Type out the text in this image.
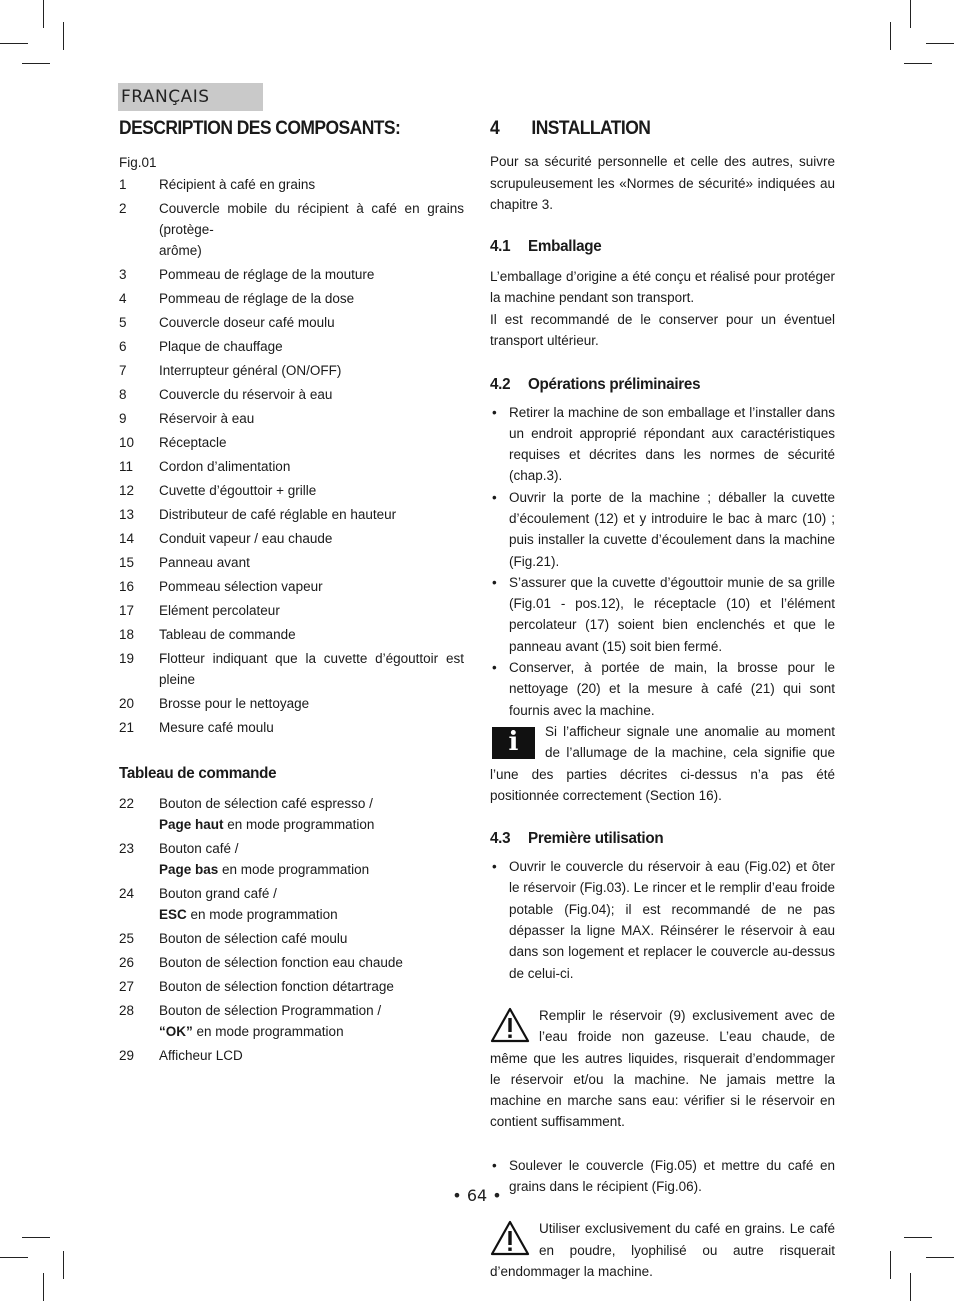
FRANÇAIS
DESCRIPTION DES COMPOSANTS:
Fig.01
1	Récipient à café en grains
2	Couvercle mobile du récipient à café en grains (protège-
arôme)
3	Pommeau de réglage de la mouture
4	Pommeau de réglage de la dose
5	Couvercle doseur café moulu
6	Plaque de chauffage
7	Interrupteur général (ON/OFF)
8	Couvercle du réservoir à eau
9	Réservoir à eau
10	Réceptacle
11	Cordon d’alimentation
12	Cuvette d’égouttoir + grille
13	Distributeur de café réglable en hauteur
14	Conduit vapeur / eau chaude
15	Panneau avant
16	Pommeau sélection vapeur
17	Elément percolateur
18	Tableau de commande
19	Flotteur indiquant que la cuvette d’égouttoir est pleine
20	Brosse pour le nettoyage
21	Mesure café moulu
Tableau de commande
22	Bouton de sélection café espresso /
Page haut en mode programmation
23	Bouton café /
Page bas en mode programmation
24	Bouton grand café /
ESC en mode programmation
25	Bouton de sélection café moulu
26	Bouton de sélection fonction eau chaude
27	Bouton de sélection fonction détartrage
28	Bouton de sélection Programmation /
“OK” en mode programmation
29	Afficheur LCD
4 INSTALLATION

Pour sa sécurité personnelle et celle des autres, suivre scrupuleusement les «Normes de sécurité» indiquées au chapitre 3.

4.1 Emballage

L’emballage d’origine a été conçu et réalisé pour protéger la machine pendant son transport.

Il est recommandé de le conserver pour un éventuel transport ultérieur.

4.2 Opérations préliminaires
• Retirer la machine de son emballage et l’installer dans un endroit approprié répondant aux caractéristiques requises et décrites dans les normes de sécurité (chap.3).
• Ouvrir la porte de la machine ; déballer la cuvette d’écoulement (12) et y introduire le bac à marc (10) ; puis installer la cuvette d’écoulement dans la machine (Fig.21).
• S’assurer que la cuvette d’égouttoir munie de sa grille (Fig.01 - pos.12), le réceptacle (10) et l’élément percolateur (17) soient bien enclenchés et que le panneau avant (15) soit bien fermé.
• Conserver, à portée de main, la brosse pour le nettoyage (20) et la mesure à café (21) qui sont fournis avec la machine.
i	Si l’afficheur signale une anomalie au moment de l’allumage de la machine, cela signifie que l’une des parties décrites ci-dessus n’a pas été positionnée correctement (Section 16).
4.3 Première utilisation
• Ouvrir le couvercle du réservoir à eau (Fig.02) et ôter le réservoir (Fig.03). Le rincer et le remplir d’eau froide potable (Fig.04); il est recommandé de ne pas dépasser la ligne MAX. Réinsérer le réservoir à eau dans son logement et replacer le couvercle au-dessus de celui-ci.
Remplir le réservoir (9) exclusivement avec de l’eau froide non gazeuse. L’eau chaude, de même que les autres liquides, risquerait d’endommager le réservoir et/ou la machine. Ne jamais mettre la machine en marche sans eau: vérifier si le réservoir en contient suffisamment.
• Soulever le couvercle (Fig.05) et mettre du café en grains dans le récipient (Fig.06).
Utiliser exclusivement du café en grains. Le café en poudre, lyophilisé ou autre risquerait d’endommager la machine.
• 64 •
